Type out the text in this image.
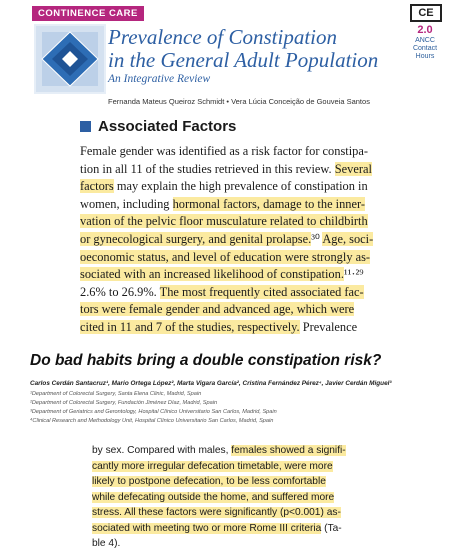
CONTINENCE CARE	CE
2.0
ANCC
Contact
Hours
Prevalence of Constipation
in the General Adult Population
An Integrative Review
Fernanda Mateus Queiroz Schmidt • Vera Lúcia Conceição de Gouveia Santos
Associated Factors
Female gender was identified as a risk factor for constipa-
tion in all 11 of the studies retrieved in this review. Several
factors may explain the high prevalence of constipation in
women, including hormonal factors, damage to the inner-
vation of the pelvic floor musculature related to childbirth
or gynecological surgery, and genital prolapse.³⁰ Age, soci-
oeconomic status, and level of education were strongly as-
sociated with an increased likelihood of constipation.¹¹·²⁹
2.6% to 26.9%. The most frequently cited associated fac-
tors were female gender and advanced age, which were
cited in 11 and 7 of the studies, respectively. Prevalence
Do bad habits bring a double constipation risk?
Carlos Cerdán Santacruz¹, Mario Ortega López², Marta Vigara García², Cristina Fernández Pérez⁴, Javier Cerdán Miguel³
¹Department of Colorectal Surgery, Santa Elena Clinic, Madrid, Spain
²Department of Colorectal Surgery, Fundación Jiménez Díaz, Madrid, Spain
³Department of Geriatrics and Gerontology, Hospital Clínico Universitario San Carlos, Madrid, Spain
⁴Clinical Research and Methodology Unit, Hospital Clínico Universitario San Carlos, Madrid, Spain
by sex. Compared with males, females showed a signifi-
cantly more irregular defecation timetable, were more
likely to postpone defecation, to be less comfortable
while defecating outside the home, and suffered more
stress. All these factors were significantly (p<0.001) as-
sociated with meeting two or more Rome III criteria (Ta-
ble 4).
